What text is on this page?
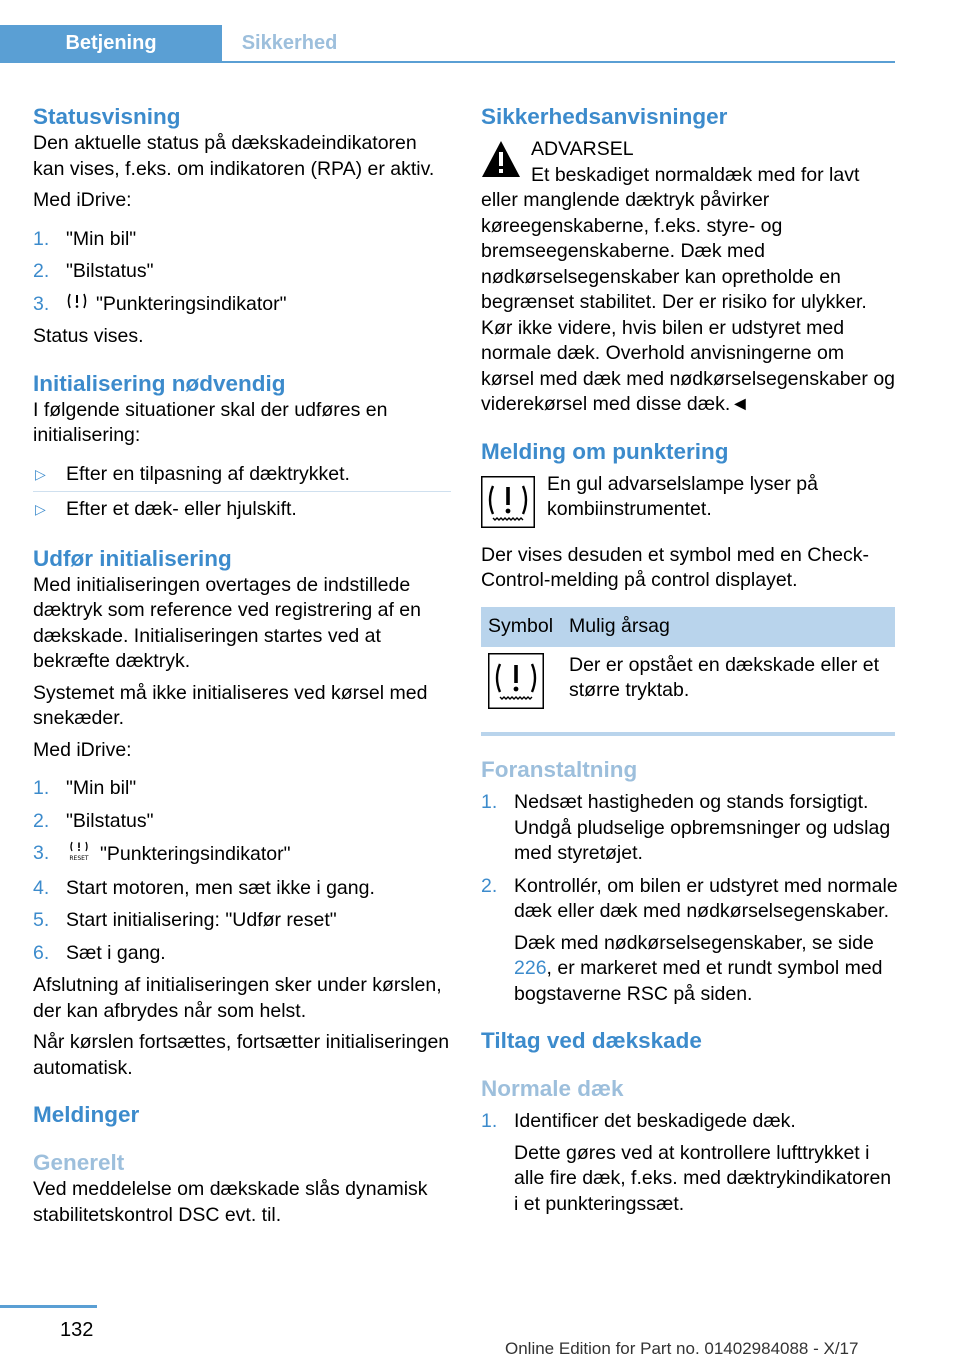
Betjening	Sikkerhed
Statusvisning

Den aktuelle status på dækskadeindikatoren kan vises, f.eks. om indikatoren (RPA) er aktiv.

Med iDrive:

1. "Min bil"
2. "Bilstatus"
3. "Punkteringsindikator"

Status vises.

Initialisering nødvendig

I følgende situationer skal der udføres en initialisering:

▷ Efter en tilpasning af dæktrykket.
▷ Efter et dæk- eller hjulskift.
Udfør initialisering

Med initialiseringen overtages de indstillede dæktryk som reference ved registrering af en dækskade. Initialiseringen startes ved at bekræfte dæktryk.

Systemet må ikke initialiseres ved kørsel med snekæder.

Med iDrive:

1. "Min bil"
2. "Bilstatus"
3.	RESET "Punkteringsindikator"
4. Start motoren, men sæt ikke i gang.
5. Start initialisering: "Udfør reset"
6. Sæt i gang.

Afslutning af initialiseringen sker under kørslen, der kan afbrydes når som helst.

Når kørslen fortsættes, fortsætter initialiseringen automatisk.

Meldinger
Generelt

Ved meddelelse om dækskade slås dynamisk stabilitetskontrol DSC evt. til.

Sikkerhedsanvisninger

ADVARSEL

Et beskadiget normaldæk med for lavt eller manglende dæktryk påvirker køreegenskaberne, f.eks. styre- og bremseegenskaberne. Dæk med nødkørselsegenskaber kan opretholde en begrænset stabilitet. Der er risiko for ulykker. Kør ikke videre, hvis bilen er udstyret med normale dæk. Overhold anvisningerne om kørsel med dæk med nødkørselsegenskaber og viderekørsel med disse dæk.◄

Melding om punktering

En gul advarselslampe lyser på kombiinstrumentet.

Der vises desuden et symbol med en Check-Control-melding på control displayet.

Symbol	Mulig årsag
	Der er opstået en dækskade eller et større tryktab.
Foranstaltning
1. Nedsæt hastigheden og stands forsigtigt. Undgå pludselige opbremsninger og udslag med styretøjet.
2. Kontrollér, om bilen er udstyret med normale dæk eller dæk med nødkørselsegenskaber.

Dæk med nødkørselsegenskaber, se side 226, er markeret med et rundt symbol med bogstaverne RSC på siden.

Tiltag ved dækskade
Normale dæk
1. Identificer det beskadigede dæk.

Dette gøres ved at kontrollere lufttrykket i alle fire dæk, f.eks. med dæktrykindikatoren i et punkteringssæt.

132
Online Edition for Part no. 01402984088 - X/17
